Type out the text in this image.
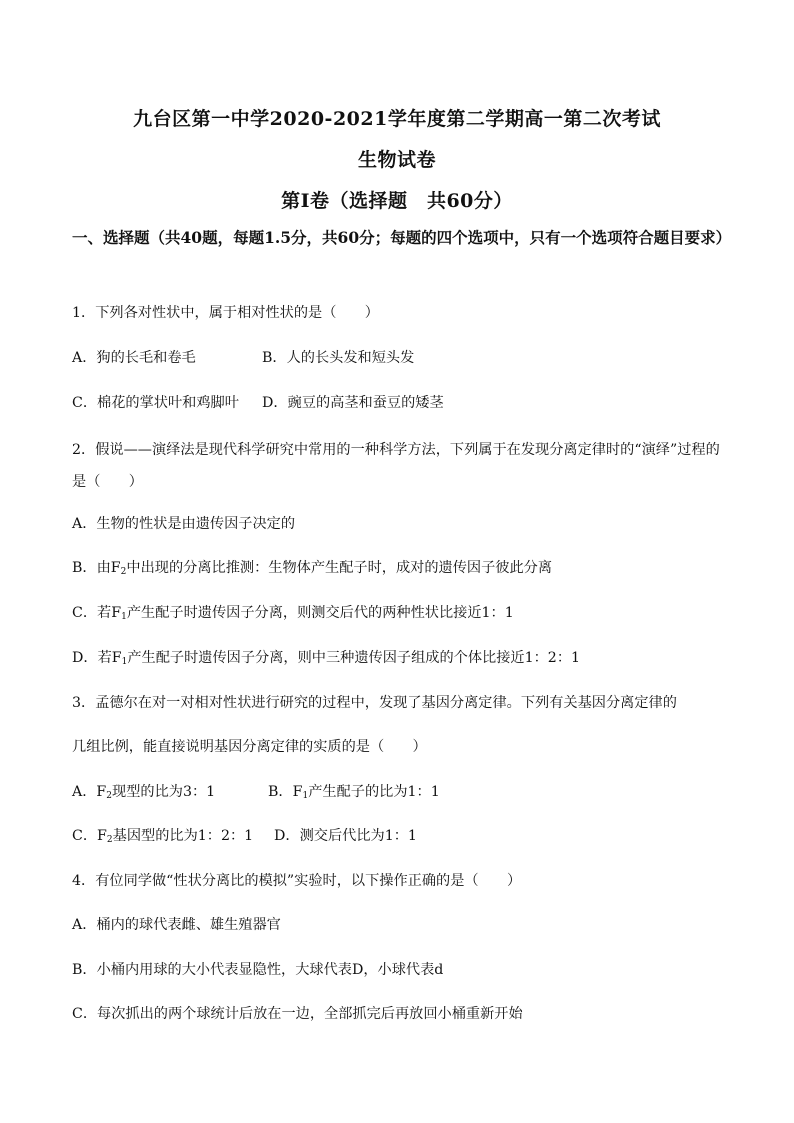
九台区第一中学2020-2021学年度第二学期高一第二次考试
生物试卷
第Ⅰ卷（选择题　共60分）
一、选择题（共40题，每题1.5分，共60分；每题的四个选项中，只有一个选项符合题目要求）
1．下列各对性状中，属于相对性状的是（　　）
A．狗的长毛和卷毛	B．人的长头发和短头发
C．棉花的掌状叶和鸡脚叶 D．豌豆的高茎和蚕豆的矮茎
2．假说——演绎法是现代科学研究中常用的一种科学方法，下列属于在发现分离定律时的“演绎”过程的是（　　）
A．生物的性状是由遗传因子决定的
B．由$F_2$中出现的分离比推测：生物体产生配子时，成对的遗传因子彼此分离
C．若$F_1$产生配子时遗传因子分离，则测交后代的两种性状比接近1：1
D．若$F_1$产生配子时遗传因子分离，则中三种遗传因子组成的个体比接近1：2：1
3．孟德尔在对一对相对性状进行研究的过程中，发现了基因分离定律。下列有关基因分离定律的
几组比例，能直接说明基因分离定律的实质的是（　　）
A．$F_2$现型的比为3：1	B．$F_1$产生配子的比为1：1
C．$F_2$基因型的比为1：2：1 D．测交后代比为1：1
4．有位同学做“性状分离比的模拟”实验时，以下操作正确的是（　　）
A．桶内的球代表雌、雄生殖器官
B．小桶内用球的大小代表显隐性，大球代表D，小球代表d
C．每次抓出的两个球统计后放在一边，全部抓完后再放回小桶重新开始
